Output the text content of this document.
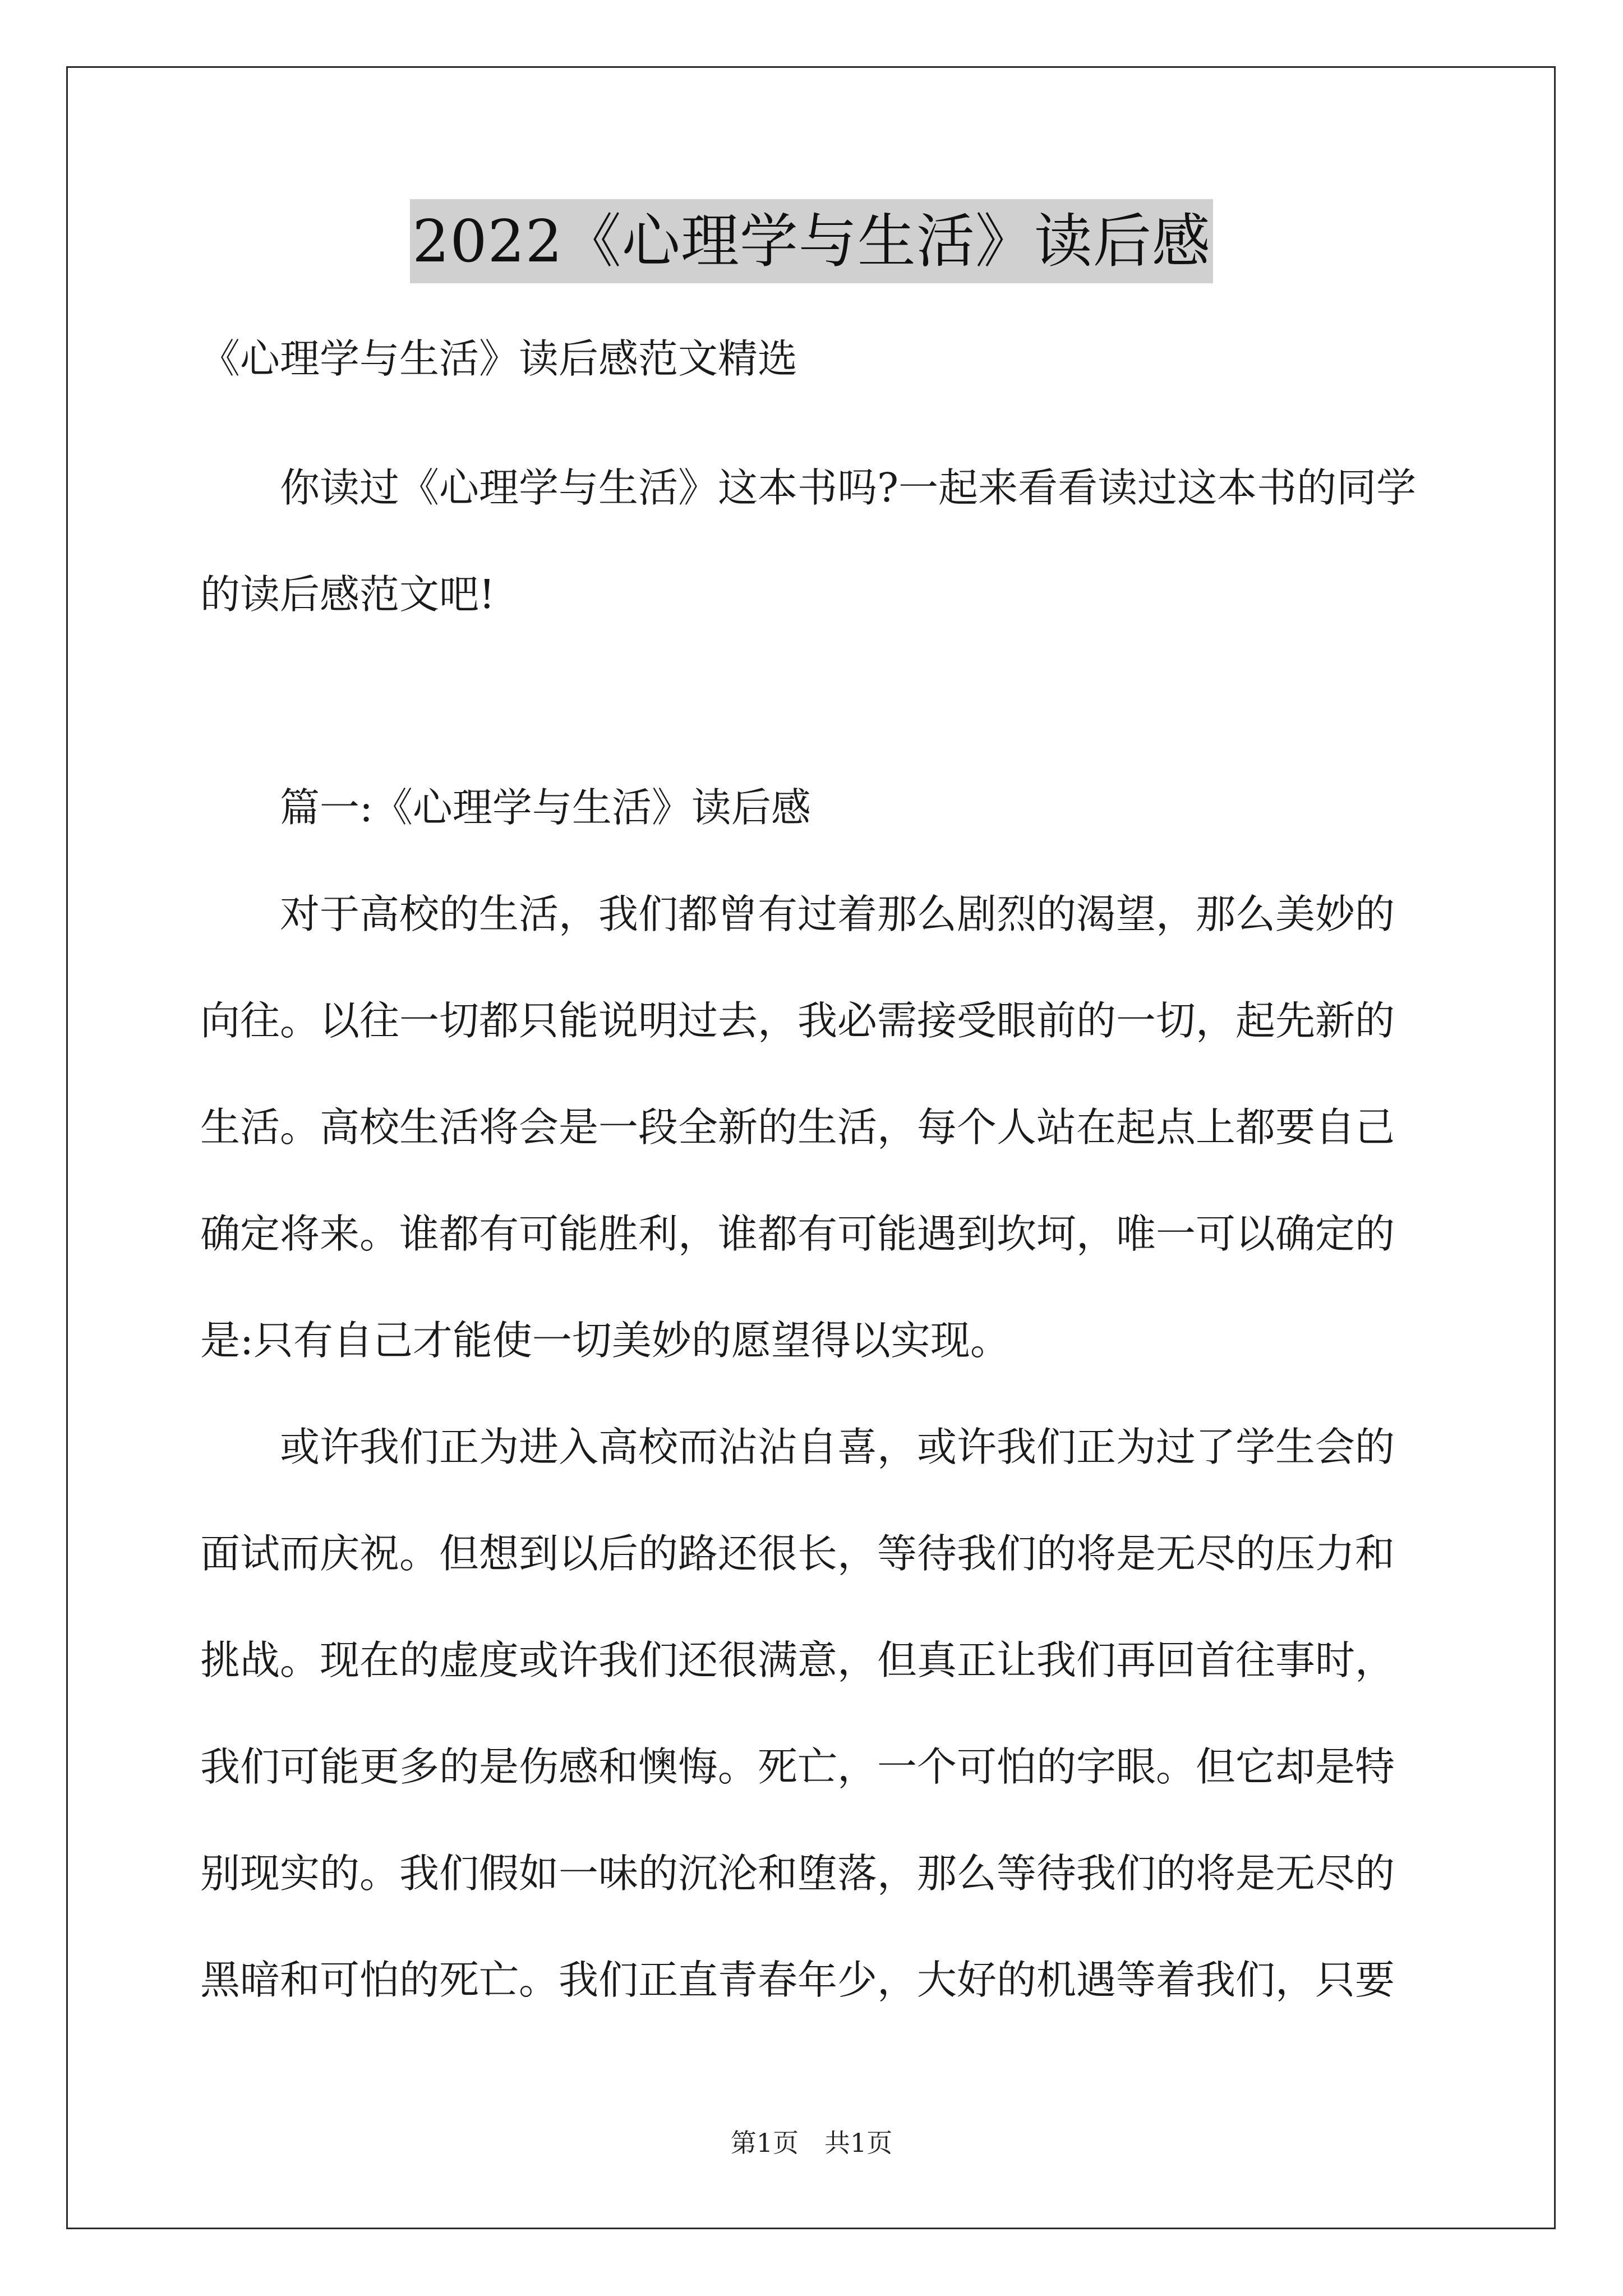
2022《心理学与生活》读后感
《心理学与生活》读后感范文精选
你读过《心理学与生活》这本书吗?一起来看看读过这本书的同学
的读后感范文吧!
篇一:《心理学与生活》读后感
对于高校的生活，我们都曾有过着那么剧烈的渴望，那么美妙的
向往。以往一切都只能说明过去，我必需接受眼前的一切，起先新的
生活。高校生活将会是一段全新的生活，每个人站在起点上都要自己
确定将来。谁都有可能胜利，谁都有可能遇到坎坷，唯一可以确定的
是:只有自己才能使一切美妙的愿望得以实现。
或许我们正为进入高校而沾沾自喜，或许我们正为过了学生会的
面试而庆祝。但想到以后的路还很长，等待我们的将是无尽的压力和
挑战。现在的虚度或许我们还很满意，但真正让我们再回首往事时，
我们可能更多的是伤感和懊悔。死亡，一个可怕的字眼。但它却是特
别现实的。我们假如一味的沉沦和堕落，那么等待我们的将是无尽的
黑暗和可怕的死亡。我们正直青春年少，大好的机遇等着我们，只要
第1页　共1页
